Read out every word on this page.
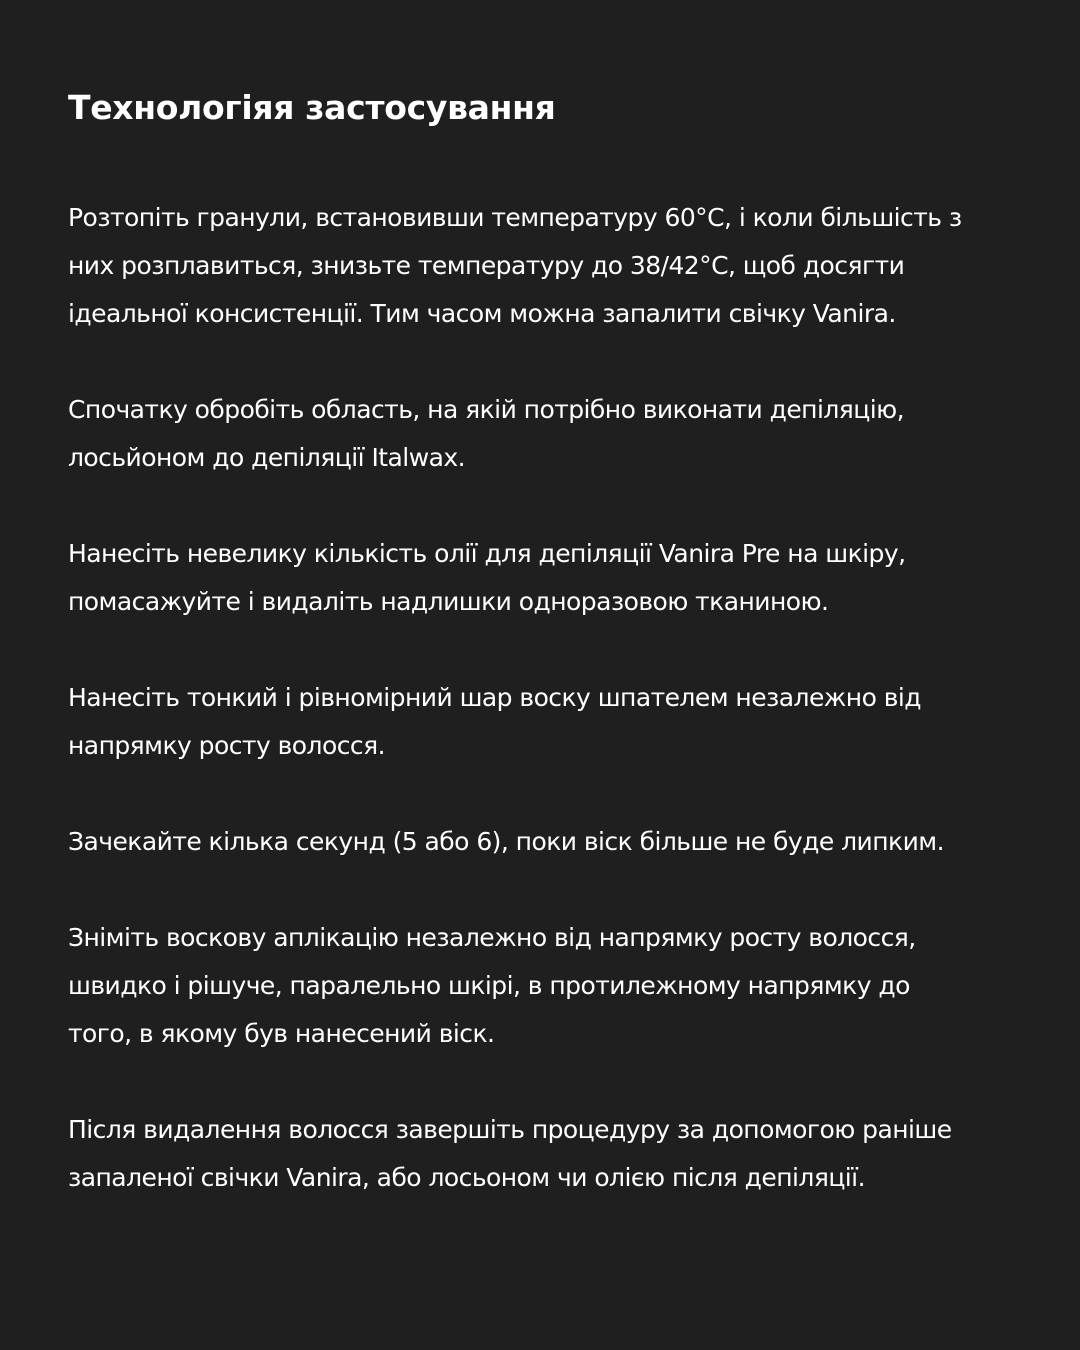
Технологіяя застосування

Розтопіть гранули, встановивши температуру 60°С, і коли більшість з
них розплавиться, знизьте температуру до 38/42°С, щоб досягти
ідеальної консистенції. Тим часом можна запалити свічку Vanira.

Спочатку обробіть область, на якій потрібно виконати депіляцію,
лосьйоном до депіляції Italwax.

Нанесіть невелику кількість олії для депіляції Vanira Pre на шкіру,
помасажуйте і видаліть надлишки одноразовою тканиною.

Нанесіть тонкий і рівномірний шар воску шпателем незалежно від
напрямку росту волосся.

Зачекайте кілька секунд (5 або 6), поки віск більше не буде липким.

Зніміть воскову аплікацію незалежно від напрямку росту волосся,
швидко і рішуче, паралельно шкірі, в протилежному напрямку до
того, в якому був нанесений віск.

Після видалення волосся завершіть процедуру за допомогою раніше
запаленої свічки Vanira, або лосьоном чи олією після депіляції.
